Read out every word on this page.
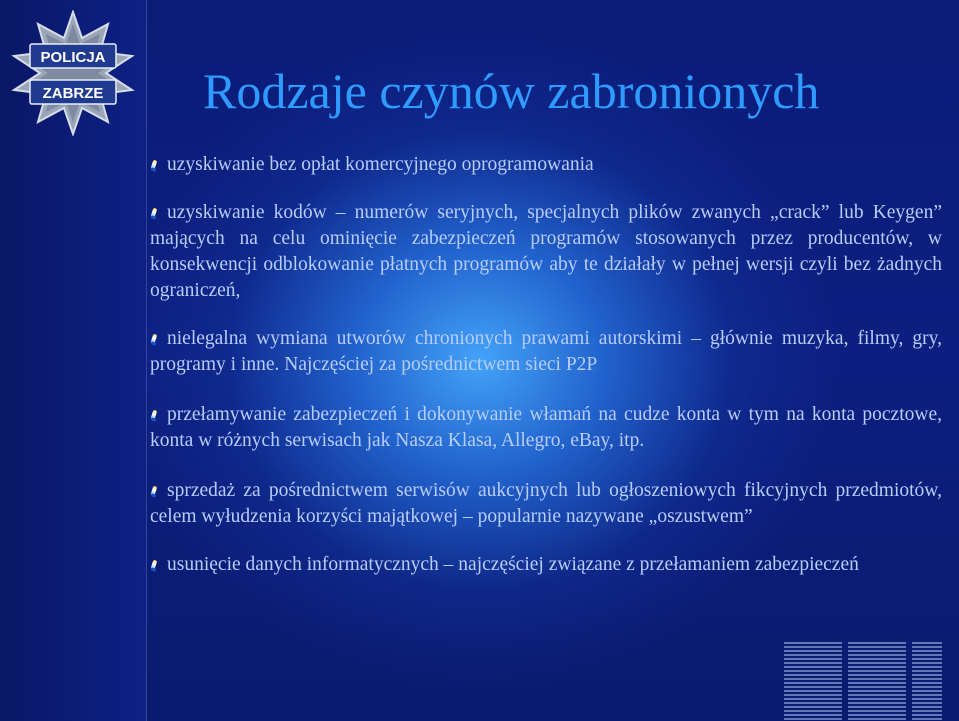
POLICJA
ZABRZE Rodzaje czynów zabronionych

uzyskiwanie bez opłat komercyjnego oprogramowania

uzyskiwanie kodów – numerów seryjnych, specjalnych plików zwanych „crack” lub Keygen” mających na celu ominięcie zabezpieczeń programów stosowanych przez producentów, w konsekwencji odblokowanie płatnych programów aby te działały w pełnej wersji czyli bez żadnych ograniczeń,

nielegalna wymiana utworów chronionych prawami autorskimi – głównie muzyka, filmy, gry, programy i inne. Najczęściej za pośrednictwem sieci P2P

przełamywanie zabezpieczeń i dokonywanie włamań na cudze konta w tym na konta pocztowe, konta w różnych serwisach jak Nasza Klasa, Allegro, eBay, itp.

sprzedaż za pośrednictwem serwisów aukcyjnych lub ogłoszeniowych fikcyjnych przedmiotów, celem wyłudzenia korzyści majątkowej – popularnie nazywane „oszustwem”

usunięcie danych informatycznych – najczęściej związane z przełamaniem zabezpieczeń
